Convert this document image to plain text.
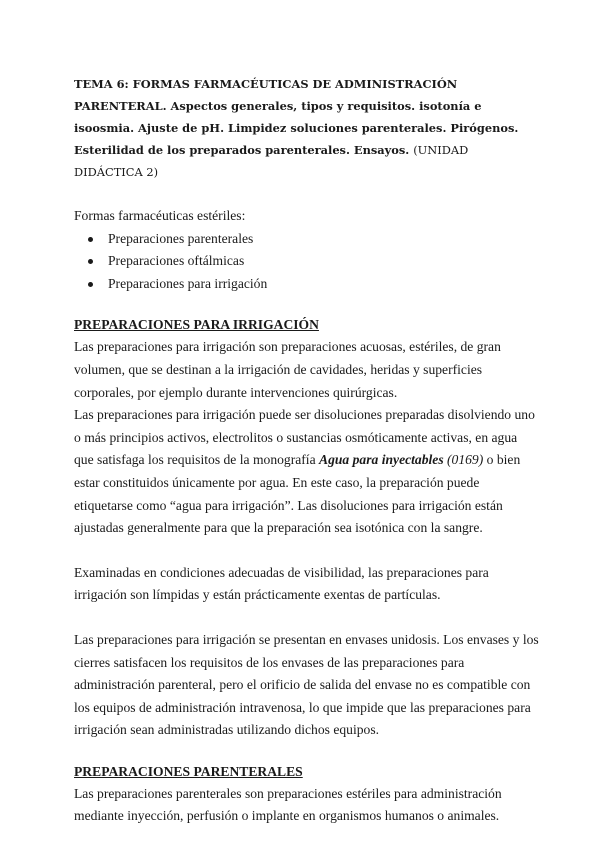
TEMA 6: FORMAS FARMACÉUTICAS DE ADMINISTRACIÓN PARENTERAL. Aspectos generales, tipos y requisitos. isotonía e isoosmia. Ajuste de pH. Limpidez soluciones parenterales. Pirógenos. Esterilidad de los preparados parenterales. Ensayos. (UNIDAD DIDÁCTICA 2)

Formas farmacéuticas estériles:

Preparaciones parenterales
Preparaciones oftálmicas
Preparaciones para irrigación

PREPARACIONES PARA IRRIGACIÓN

Las preparaciones para irrigación son preparaciones acuosas, estériles, de gran volumen, que se destinan a la irrigación de cavidades, heridas y superficies corporales, por ejemplo durante intervenciones quirúrgicas.

Las preparaciones para irrigación puede ser disoluciones preparadas disolviendo uno o más principios activos, electrolitos o sustancias osmóticamente activas, en agua que satisfaga los requisitos de la monografía Agua para inyectables (0169) o bien estar constituidos únicamente por agua. En este caso, la preparación puede etiquetarse como “agua para irrigación”. Las disoluciones para irrigación están ajustadas generalmente para que la preparación sea isotónica con la sangre.

Examinadas en condiciones adecuadas de visibilidad, las preparaciones para irrigación son límpidas y están prácticamente exentas de partículas.

Las preparaciones para irrigación se presentan en envases unidosis. Los envases y los cierres satisfacen los requisitos de los envases de las preparaciones para administración parenteral, pero el orificio de salida del envase no es compatible con los equipos de administración intravenosa, lo que impide que las preparaciones para irrigación sean administradas utilizando dichos equipos.

PREPARACIONES PARENTERALES

Las preparaciones parenterales son preparaciones estériles para administración mediante inyección, perfusión o implante en organismos humanos o animales.
